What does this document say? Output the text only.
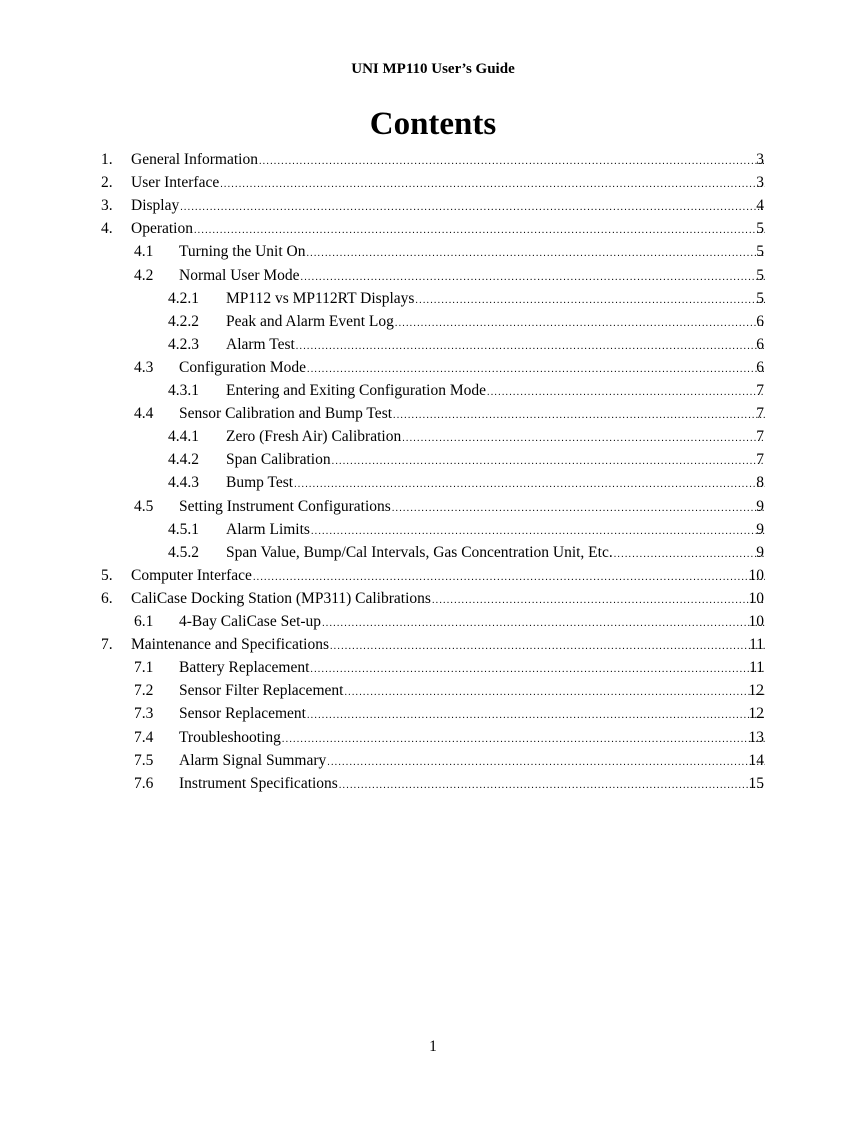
UNI MP110 User’s Guide
Contents
1. General Information .....	3
2. User Interface .....	3
3. Display .....	4
4. Operation .....	5
4.1 Turning the Unit On .....	5
4.2 Normal User Mode .....	5
4.2.1 MP112 vs MP112RT Displays .....	5
4.2.2 Peak and Alarm Event Log .....	6
4.2.3 Alarm Test .....	6
4.3 Configuration Mode .....	6
4.3.1 Entering and Exiting Configuration Mode .....	7
4.4 Sensor Calibration and Bump Test .....	7
4.4.1 Zero (Fresh Air) Calibration .....	7
4.4.2 Span Calibration .....	7
4.4.3 Bump Test .....	8
4.5 Setting Instrument Configurations .....	9
4.5.1 Alarm Limits .....	9
4.5.2 Span Value, Bump/Cal Intervals, Gas Concentration Unit, Etc. .....	9
5. Computer Interface .....	10
6. CaliCase Docking Station (MP311) Calibrations .....	10
6.1 4-Bay CaliCase Set-up .....	10
7. Maintenance and Specifications .....	11
7.1 Battery Replacement .....	11
7.2 Sensor Filter Replacement .....	12
7.3 Sensor Replacement .....	12
7.4 Troubleshooting .....	13
7.5 Alarm Signal Summary .....	14
7.6 Instrument Specifications .....	15
1
